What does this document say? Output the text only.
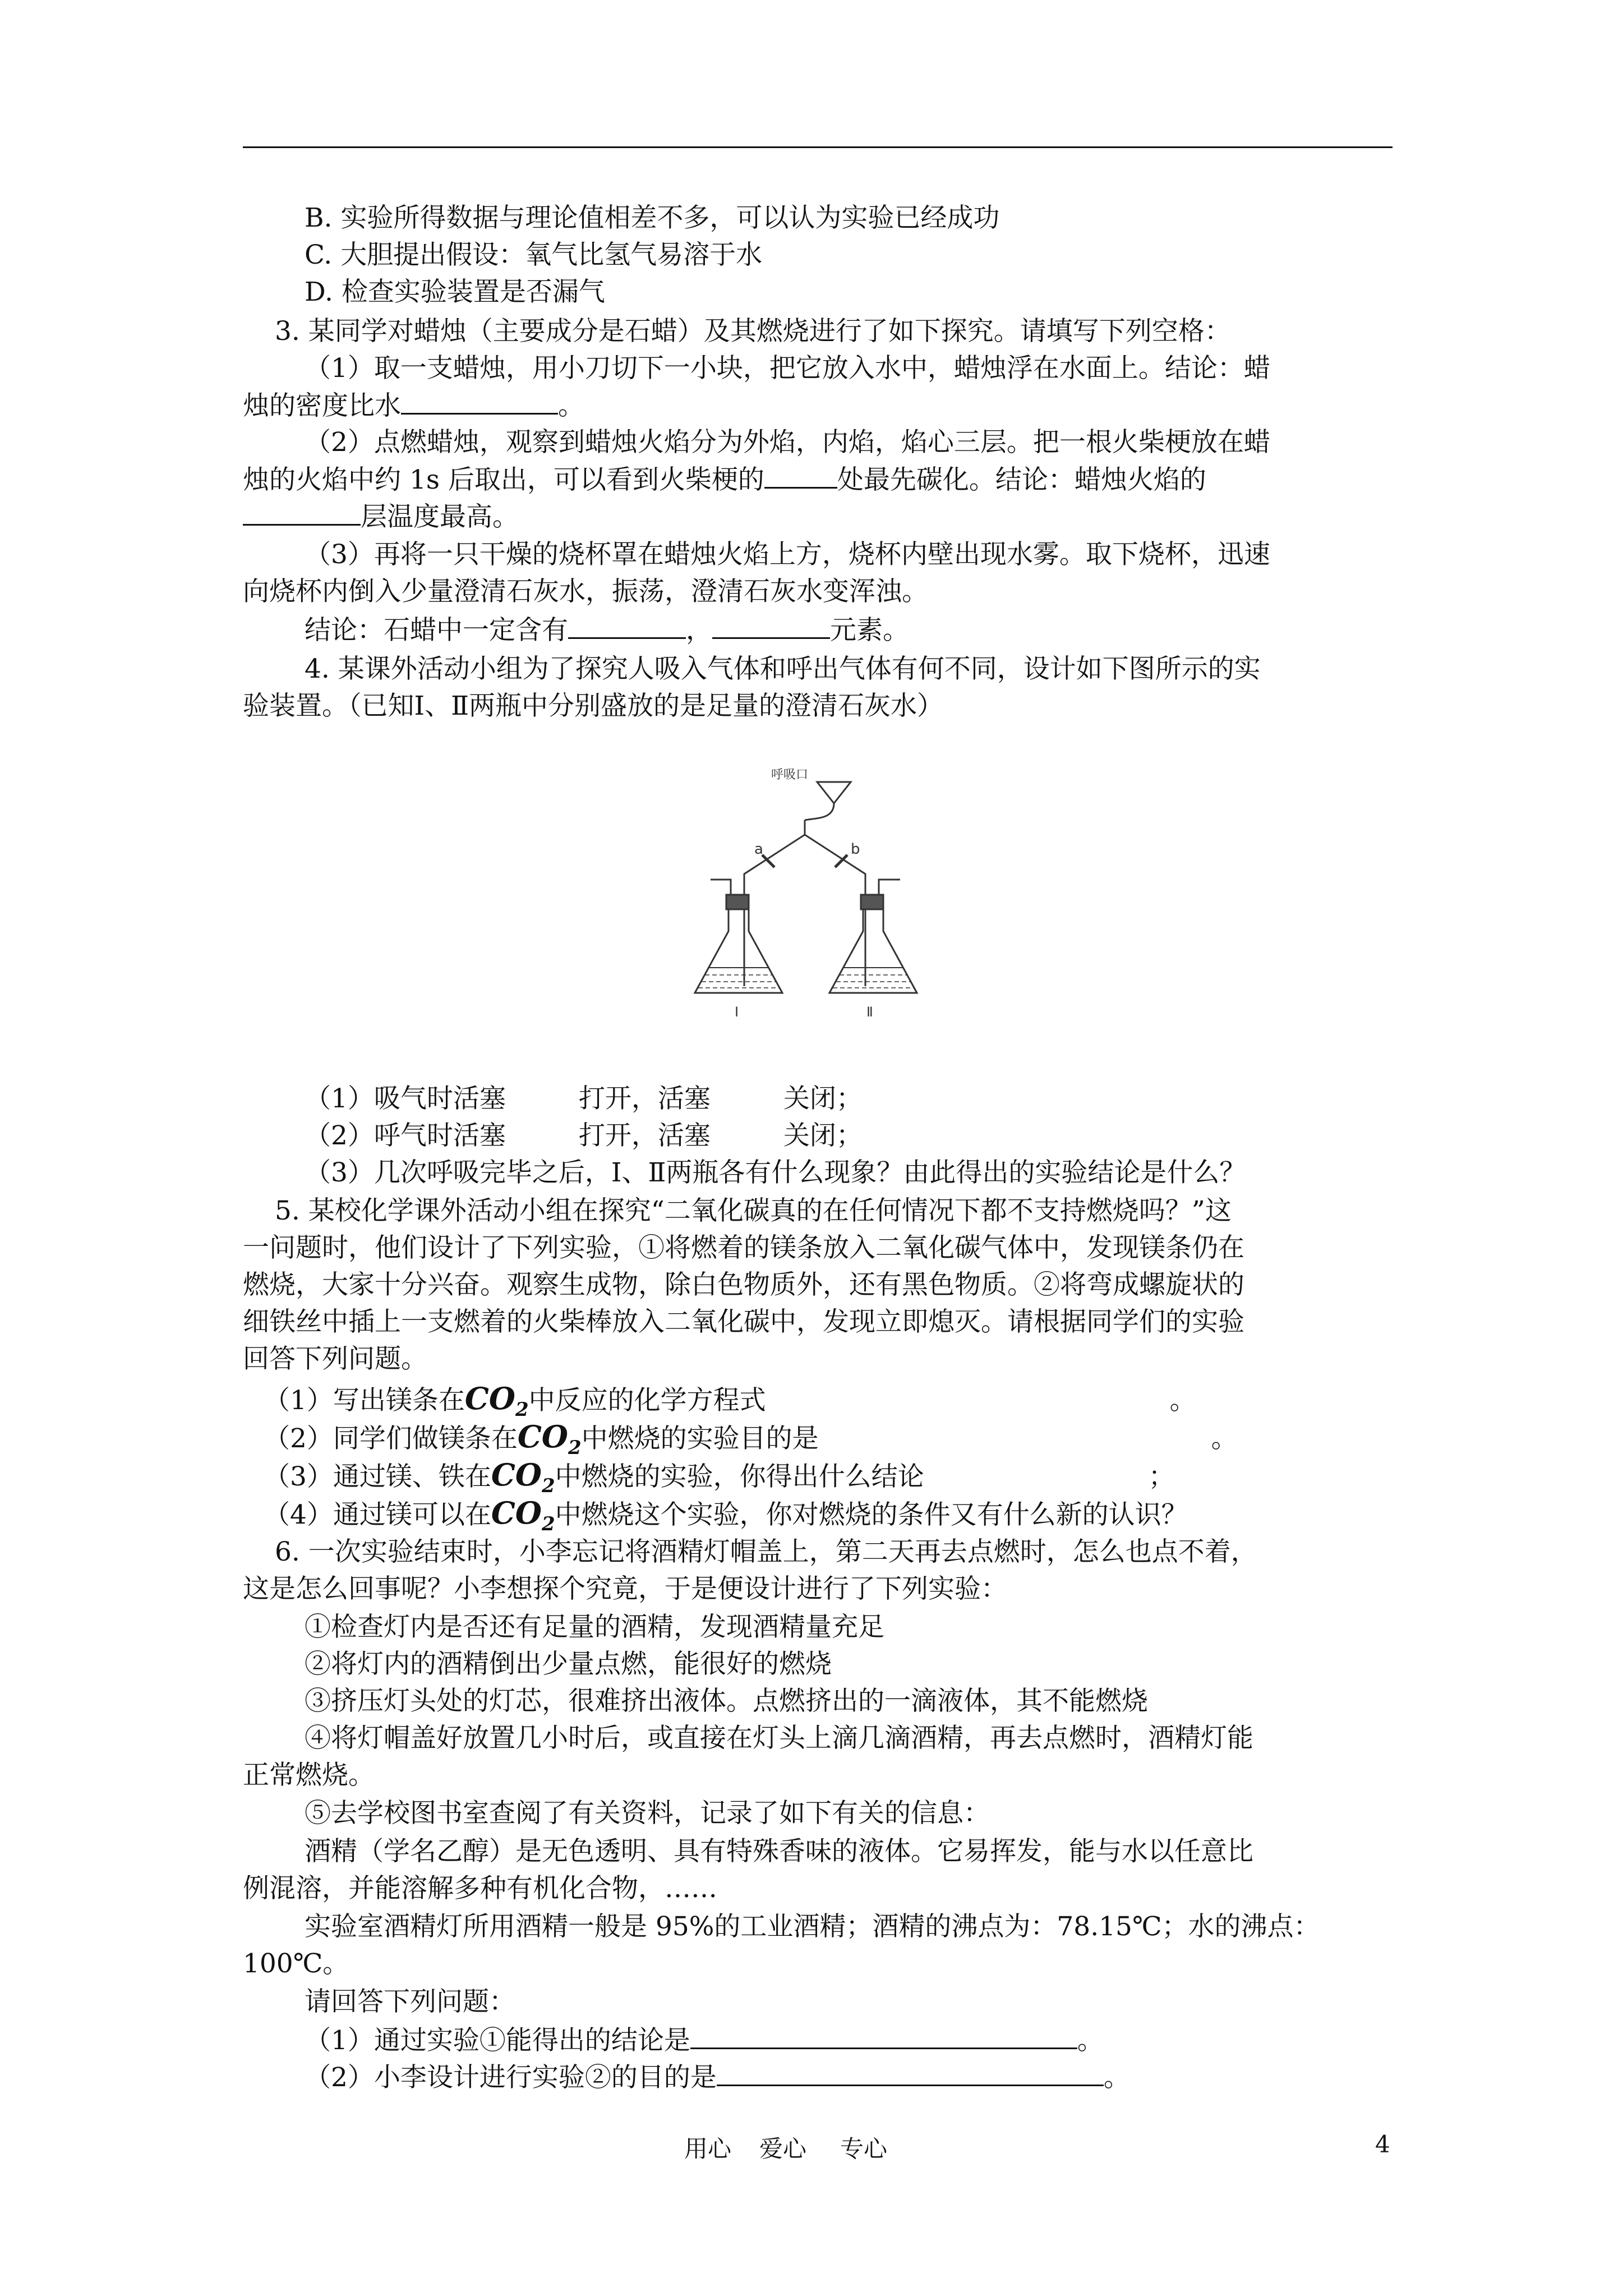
B. 实验所得数据与理论值相差不多，可以认为实验已经成功
C. 大胆提出假设：氧气比氢气易溶于水
D. 检查实验装置是否漏气
3. 某同学对蜡烛（主要成分是石蜡）及其燃烧进行了如下探究。请填写下列空格：
（1）取一支蜡烛，用小刀切下一小块，把它放入水中，蜡烛浮在水面上。结论：蜡
烛的密度比水	。
（2）点燃蜡烛，观察到蜡烛火焰分为外焰，内焰，焰心三层。把一根火柴梗放在蜡
烛的火焰中约 1s 后取出，可以看到火柴梗的	处最先碳化。结论：蜡烛火焰的
层温度最高。
（3）再将一只干燥的烧杯罩在蜡烛火焰上方，烧杯内壁出现水雾。取下烧杯，迅速
向烧杯内倒入少量澄清石灰水，振荡，澄清石灰水变浑浊。
结论：石蜡中一定含有	，	元素。
4. 某课外活动小组为了探究人吸入气体和呼出气体有何不同，设计如下图所示的实
验装置。（已知Ⅰ、Ⅱ两瓶中分别盛放的是足量的澄清石灰水）
呼吸口
a	b
Ⅰ	Ⅱ
（1）吸气时活塞	打开，活塞	关闭；
（2）呼气时活塞	打开，活塞	关闭；
（3）几次呼吸完毕之后，Ⅰ、Ⅱ两瓶各有什么现象？由此得出的实验结论是什么？
5. 某校化学课外活动小组在探究“二氧化碳真的在任何情况下都不支持燃烧吗？”这
一问题时，他们设计了下列实验，①将燃着的镁条放入二氧化碳气体中，发现镁条仍在
燃烧，大家十分兴奋。观察生成物，除白色物质外，还有黑色物质。②将弯成螺旋状的
细铁丝中插上一支燃着的火柴棒放入二氧化碳中，发现立即熄灭。请根据同学们的实验
回答下列问题。
（1）写出镁条在$CO_2$中反应的化学方程式	。
（2）同学们做镁条在$CO_2$中燃烧的实验目的是	。
（3）通过镁、铁在$CO_2$中燃烧的实验，你得出什么结论	；
（4）通过镁可以在$CO_2$中燃烧这个实验，你对燃烧的条件又有什么新的认识？
6. 一次实验结束时，小李忘记将酒精灯帽盖上，第二天再去点燃时，怎么也点不着，
这是怎么回事呢？小李想探个究竟，于是便设计进行了下列实验：
①检查灯内是否还有足量的酒精，发现酒精量充足
②将灯内的酒精倒出少量点燃，能很好的燃烧
③挤压灯头处的灯芯，很难挤出液体。点燃挤出的一滴液体，其不能燃烧
④将灯帽盖好放置几小时后，或直接在灯头上滴几滴酒精，再去点燃时，酒精灯能
正常燃烧。
⑤去学校图书室查阅了有关资料，记录了如下有关的信息：
酒精（学名乙醇）是无色透明、具有特殊香味的液体。它易挥发，能与水以任意比
例混溶，并能溶解多种有机化合物，……
实验室酒精灯所用酒精一般是 95%的工业酒精；酒精的沸点为：78.15℃；水的沸点：
100℃。
请回答下列问题：
（1）通过实验①能得出的结论是	。
（2）小李设计进行实验②的目的是	。
用心 爱心 专心	4
